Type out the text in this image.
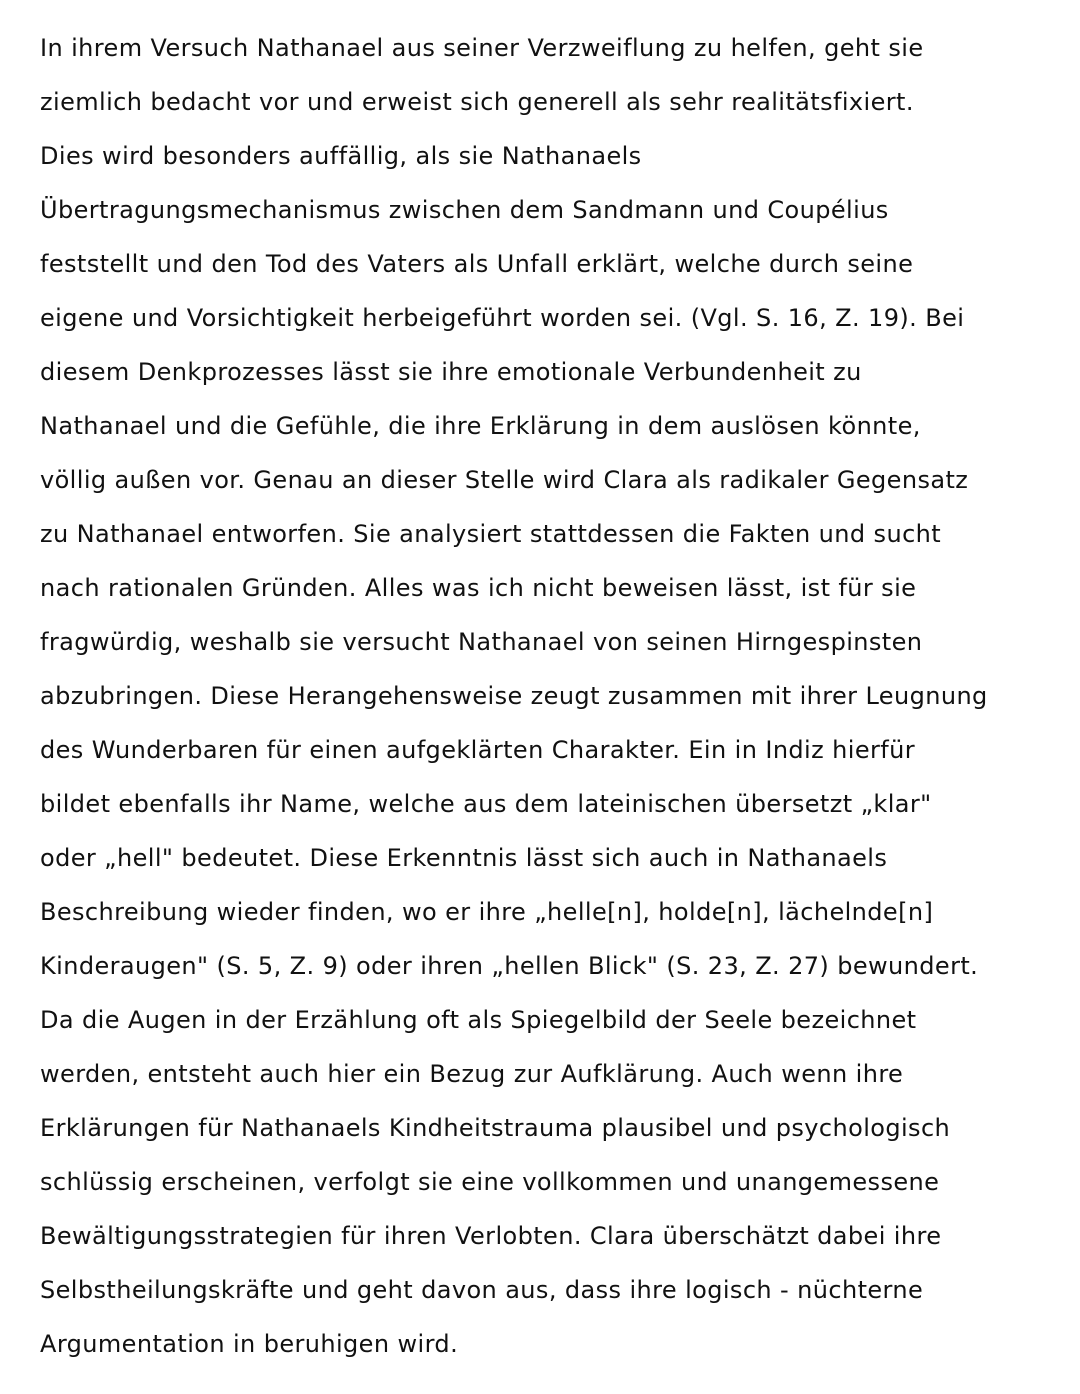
In ihrem Versuch Nathanael aus seiner Verzweiflung zu helfen, geht sie
ziemlich bedacht vor und erweist sich generell als sehr realitätsfixiert.
Dies wird besonders auffällig, als sie Nathanaels
Übertragungsmechanismus zwischen dem Sandmann und Coupélius
feststellt und den Tod des Vaters als Unfall erklärt, welche durch seine
eigene und Vorsichtigkeit herbeigeführt worden sei. (Vgl. S. 16, Z. 19). Bei
diesem Denkprozesses lässt sie ihre emotionale Verbundenheit zu
Nathanael und die Gefühle, die ihre Erklärung in dem auslösen könnte,
völlig außen vor. Genau an dieser Stelle wird Clara als radikaler Gegensatz
zu Nathanael entworfen. Sie analysiert stattdessen die Fakten und sucht
nach rationalen Gründen. Alles was ich nicht beweisen lässt, ist für sie
fragwürdig, weshalb sie versucht Nathanael von seinen Hirngespinsten
abzubringen. Diese Herangehensweise zeugt zusammen mit ihrer Leugnung
des Wunderbaren für einen aufgeklärten Charakter. Ein in Indiz hierfür
bildet ebenfalls ihr Name, welche aus dem lateinischen übersetzt „klar"
oder „hell" bedeutet. Diese Erkenntnis lässt sich auch in Nathanaels
Beschreibung wieder finden, wo er ihre „helle[n], holde[n], lächelnde[n]
Kinderaugen" (S. 5, Z. 9) oder ihren „hellen Blick" (S. 23, Z. 27) bewundert.
Da die Augen in der Erzählung oft als Spiegelbild der Seele bezeichnet
werden, entsteht auch hier ein Bezug zur Aufklärung. Auch wenn ihre
Erklärungen für Nathanaels Kindheitstrauma plausibel und psychologisch
schlüssig erscheinen, verfolgt sie eine vollkommen und unangemessene
Bewältigungsstrategien für ihren Verlobten. Clara überschätzt dabei ihre
Selbstheilungskräfte und geht davon aus, dass ihre logisch - nüchterne
Argumentation in beruhigen wird.
